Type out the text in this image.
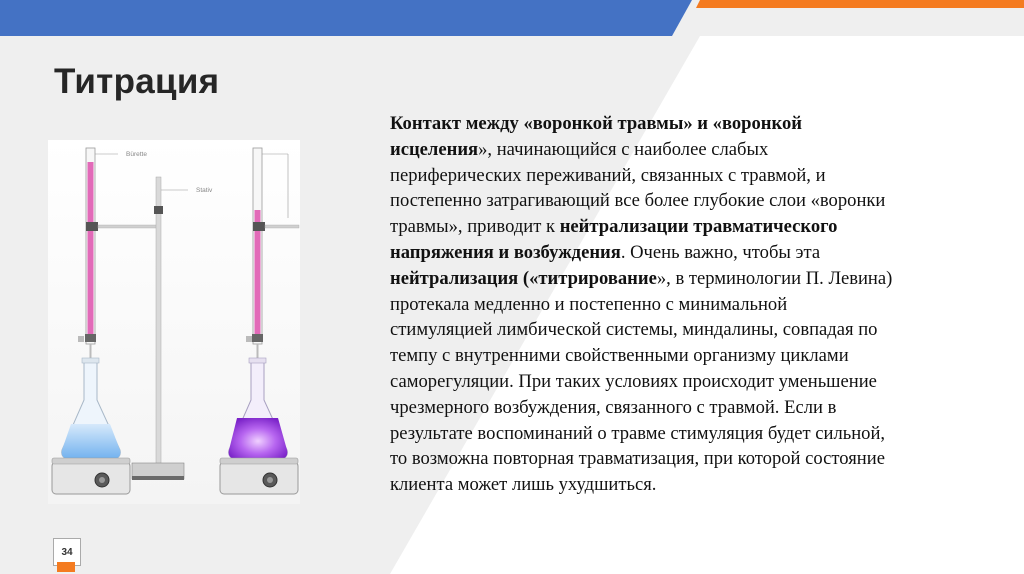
Титрация
Bürette
Stativ

Контакт между «воронкой травмы» и «воронкой
исцеления», начинающийся с наиболее слабых
периферических переживаний, связанных с травмой, и
постепенно затрагивающий все более глубокие слои «воронки
травмы», приводит к нейтрализации травматического
напряжения и возбуждения. Очень важно, чтобы эта
нейтрализация («титрирование», в терминологии П. Левина)
протекала медленно и постепенно с минимальной
стимуляцией лимбической системы, миндалины, совпадая по
темпу с внутренними свойственными организму циклами
саморегуляции. При таких условиях происходит уменьшение
чрезмерного возбуждения, связанного с травмой. Если в
результате воспоминаний о травме стимуляция будет сильной,
то возможна повторная травматизация, при которой состояние
клиента может лишь ухудшиться.

34
